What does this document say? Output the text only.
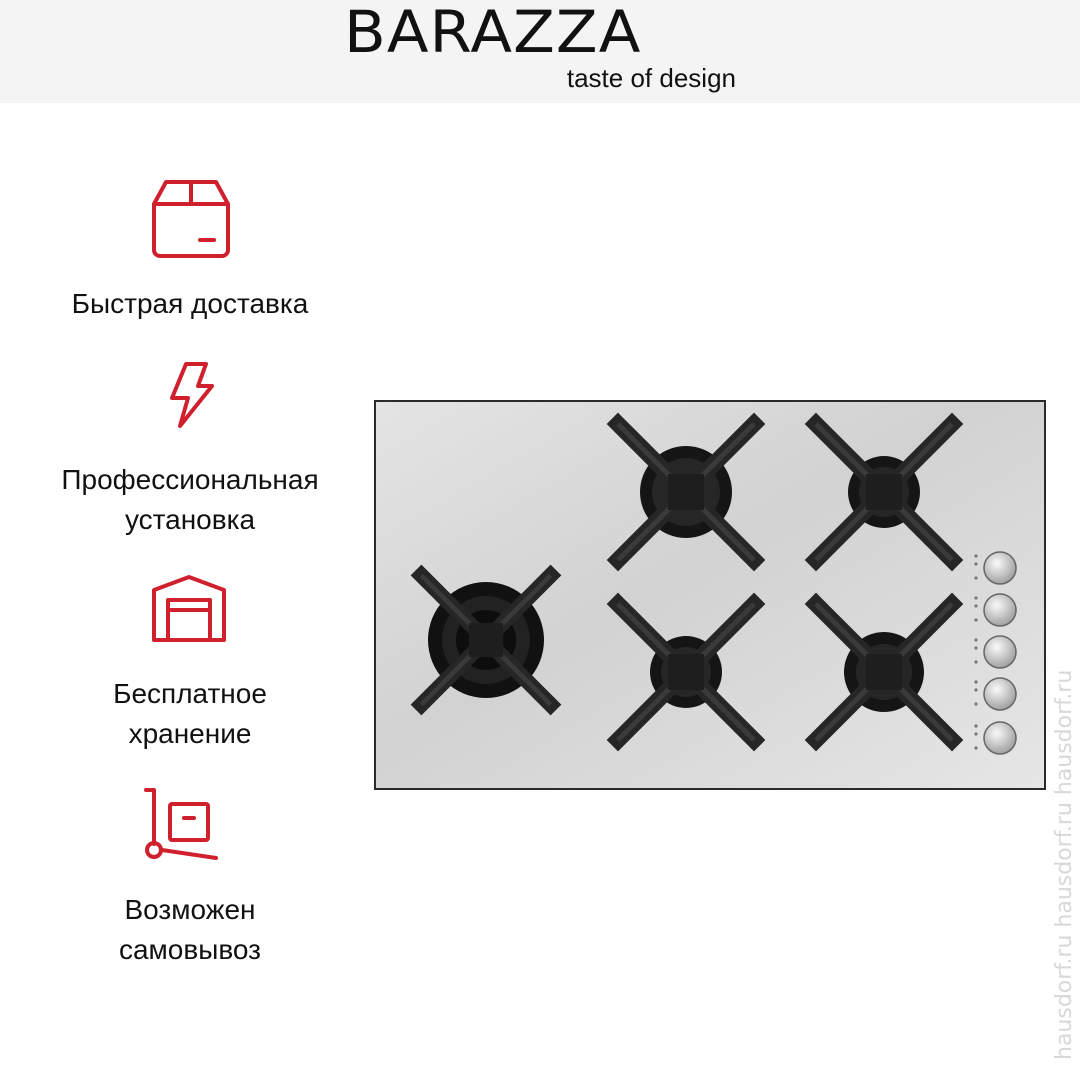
BARAZZA
taste of design
Быстрая доставка
Профессиональная
установка
Бесплатное
хранение
Возможен
самовывоз	hausdorf.ru hausdorf.ru hausdorf.ru
